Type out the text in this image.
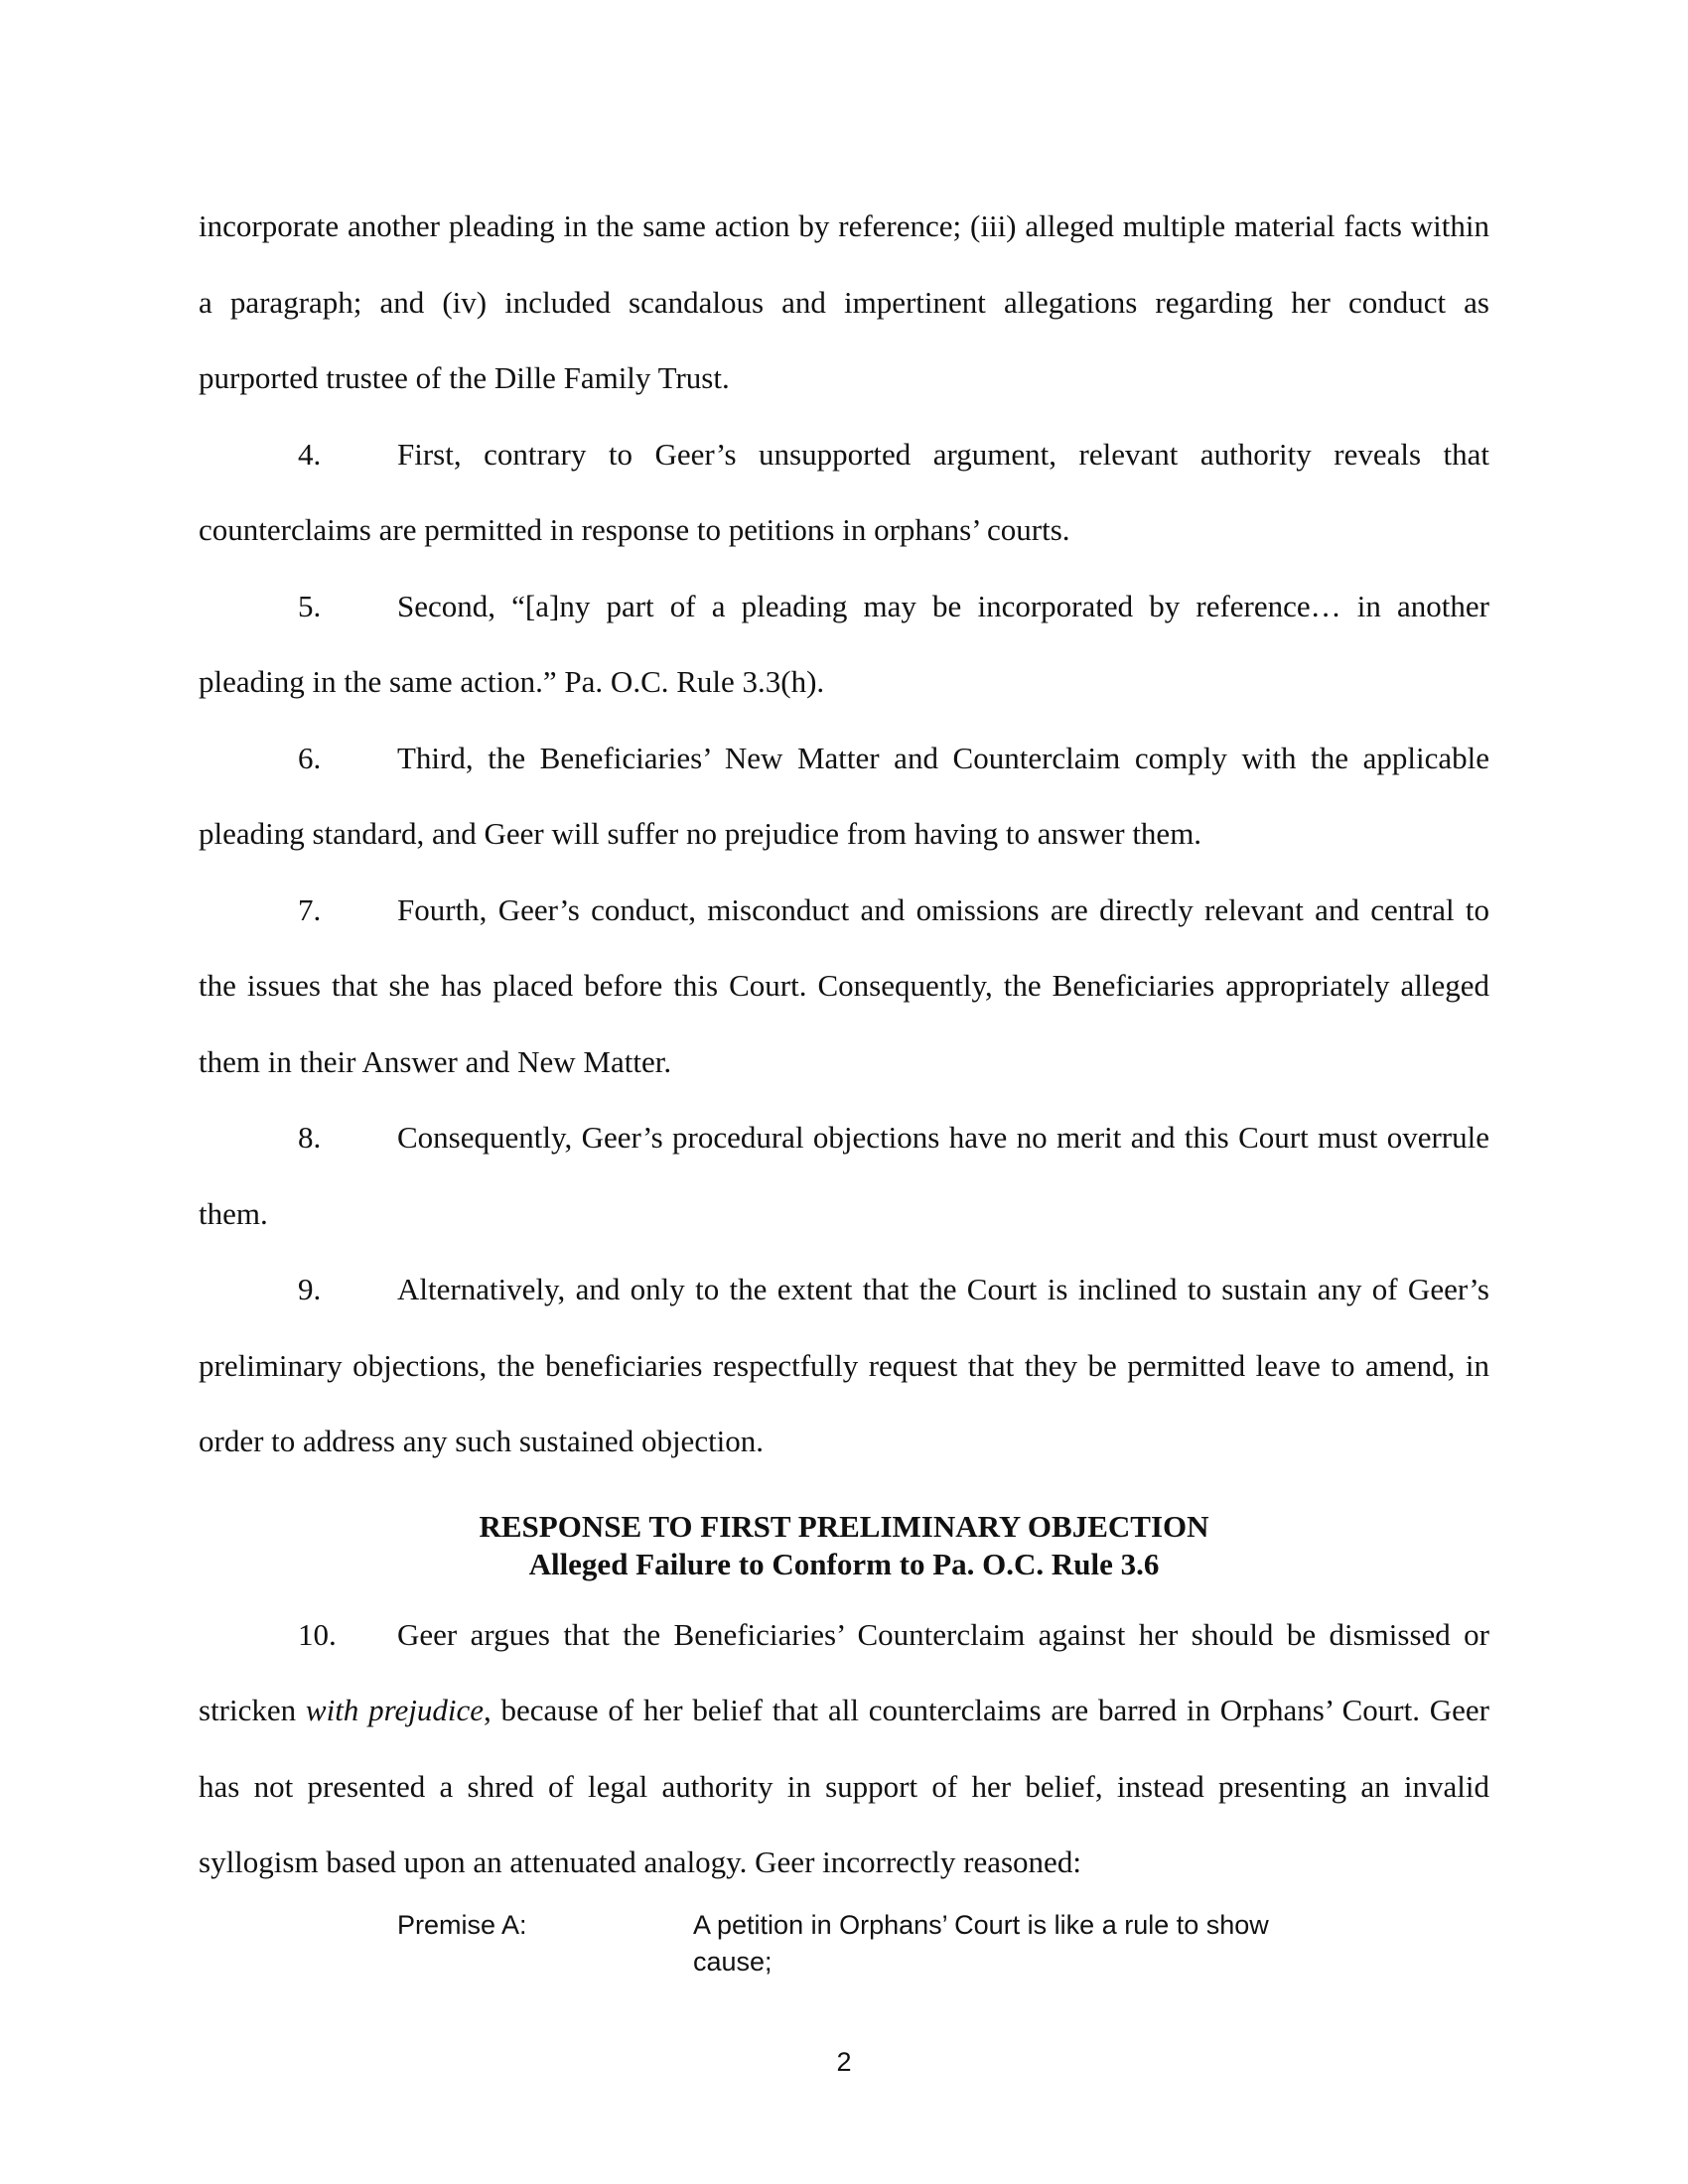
incorporate another pleading in the same action by reference; (iii) alleged multiple material facts within a paragraph; and (iv) included scandalous and impertinent allegations regarding her conduct as purported trustee of the Dille Family Trust.

4. First, contrary to Geer’s unsupported argument, relevant authority reveals that counterclaims are permitted in response to petitions in orphans’ courts.

5. Second, “[a]ny part of a pleading may be incorporated by reference… in another pleading in the same action.” Pa. O.C. Rule 3.3(h).

6. Third, the Beneficiaries’ New Matter and Counterclaim comply with the applicable pleading standard, and Geer will suffer no prejudice from having to answer them.

7. Fourth, Geer’s conduct, misconduct and omissions are directly relevant and central to the issues that she has placed before this Court. Consequently, the Beneficiaries appropriately alleged them in their Answer and New Matter.

8. Consequently, Geer’s procedural objections have no merit and this Court must overrule them.

9. Alternatively, and only to the extent that the Court is inclined to sustain any of Geer’s preliminary objections, the beneficiaries respectfully request that they be permitted leave to amend, in order to address any such sustained objection.

RESPONSE TO FIRST PRELIMINARY OBJECTION
Alleged Failure to Conform to Pa. O.C. Rule 3.6

10. Geer argues that the Beneficiaries’ Counterclaim against her should be dismissed or stricken with prejudice, because of her belief that all counterclaims are barred in Orphans’ Court. Geer has not presented a shred of legal authority in support of her belief, instead presenting an invalid syllogism based upon an attenuated analogy. Geer incorrectly reasoned:

Premise A:	A petition in Orphans’ Court is like a rule to show cause;
2
